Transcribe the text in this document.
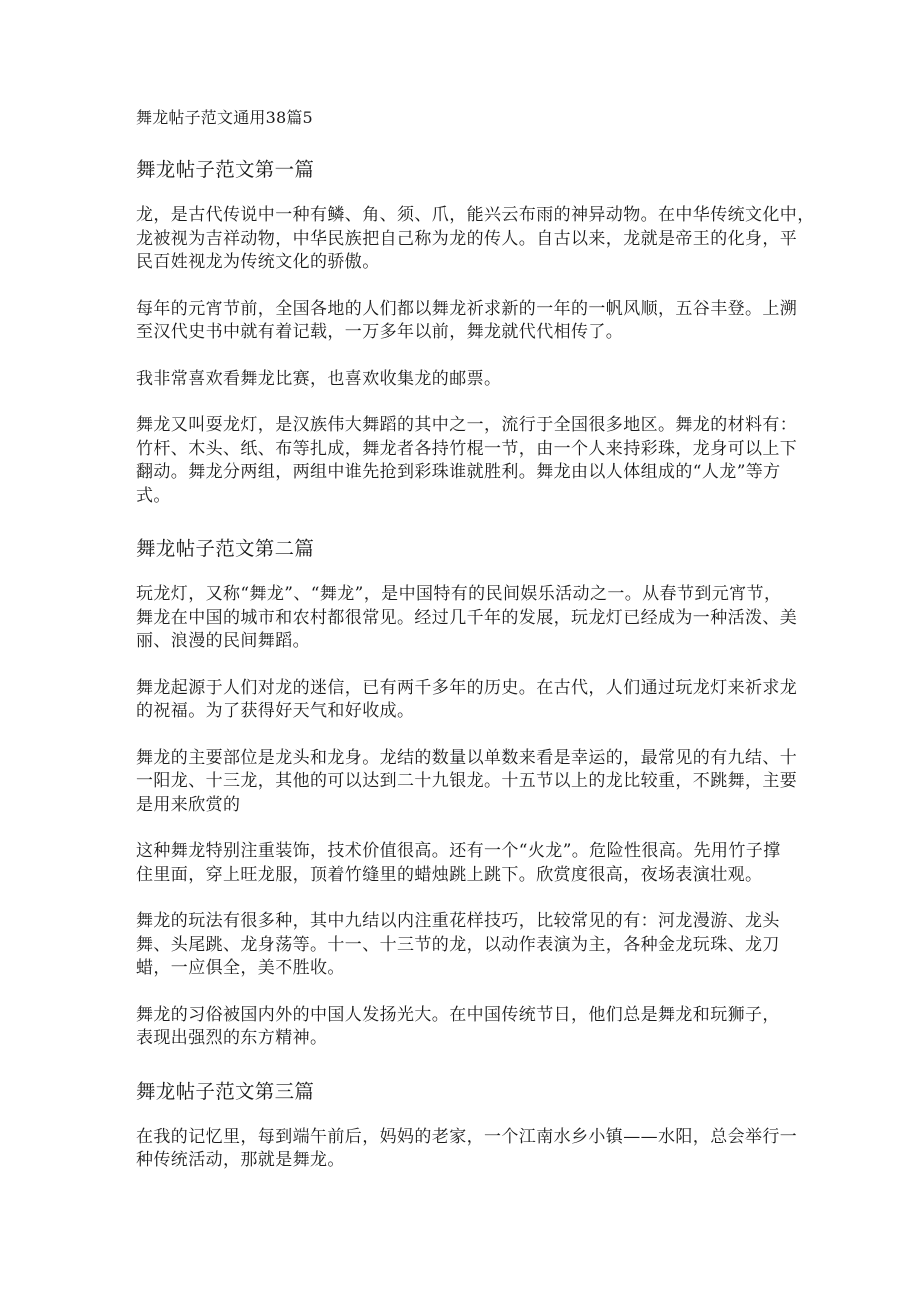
舞龙帖子范文通用38篇5
舞龙帖子范文第一篇
龙，是古代传说中一种有鳞、角、须、爪，能兴云布雨的神异动物。在中华传统文化中，
龙被视为吉祥动物，中华民族把自己称为龙的传人。自古以来，龙就是帝王的化身，平
民百姓视龙为传统文化的骄傲。
每年的元宵节前，全国各地的人们都以舞龙祈求新的一年的一帆风顺，五谷丰登。上溯
至汉代史书中就有着记载，一万多年以前，舞龙就代代相传了。
我非常喜欢看舞龙比赛，也喜欢收集龙的邮票。
舞龙又叫耍龙灯，是汉族伟大舞蹈的其中之一，流行于全国很多地区。舞龙的材料有：
竹杆、木头、纸、布等扎成，舞龙者各持竹棍一节，由一个人来持彩珠，龙身可以上下
翻动。舞龙分两组，两组中谁先抢到彩珠谁就胜利。舞龙由以人体组成的“人龙”等方
式。
舞龙帖子范文第二篇
玩龙灯，又称“舞龙”、“舞龙”，是中国特有的民间娱乐活动之一。从春节到元宵节，
舞龙在中国的城市和农村都很常见。经过几千年的发展，玩龙灯已经成为一种活泼、美
丽、浪漫的民间舞蹈。
舞龙起源于人们对龙的迷信，已有两千多年的历史。在古代，人们通过玩龙灯来祈求龙
的祝福。为了获得好天气和好收成。
舞龙的主要部位是龙头和龙身。龙结的数量以单数来看是幸运的，最常见的有九结、十
一阳龙、十三龙，其他的可以达到二十九银龙。十五节以上的龙比较重，不跳舞，主要
是用来欣赏的
这种舞龙特别注重装饰，技术价值很高。还有一个“火龙”。危险性很高。先用竹子撑
住里面，穿上旺龙服，顶着竹缝里的蜡烛跳上跳下。欣赏度很高，夜场表演壮观。
舞龙的玩法有很多种，其中九结以内注重花样技巧，比较常见的有：河龙漫游、龙头
舞、头尾跳、龙身荡等。十一、十三节的龙，以动作表演为主，各种金龙玩珠、龙刀
蜡，一应俱全，美不胜收。
舞龙的习俗被国内外的中国人发扬光大。在中国传统节日，他们总是舞龙和玩狮子，
表现出强烈的东方精神。
舞龙帖子范文第三篇
在我的记忆里，每到端午前后，妈妈的老家，一个江南水乡小镇——水阳，总会举行一
种传统活动，那就是舞龙。
